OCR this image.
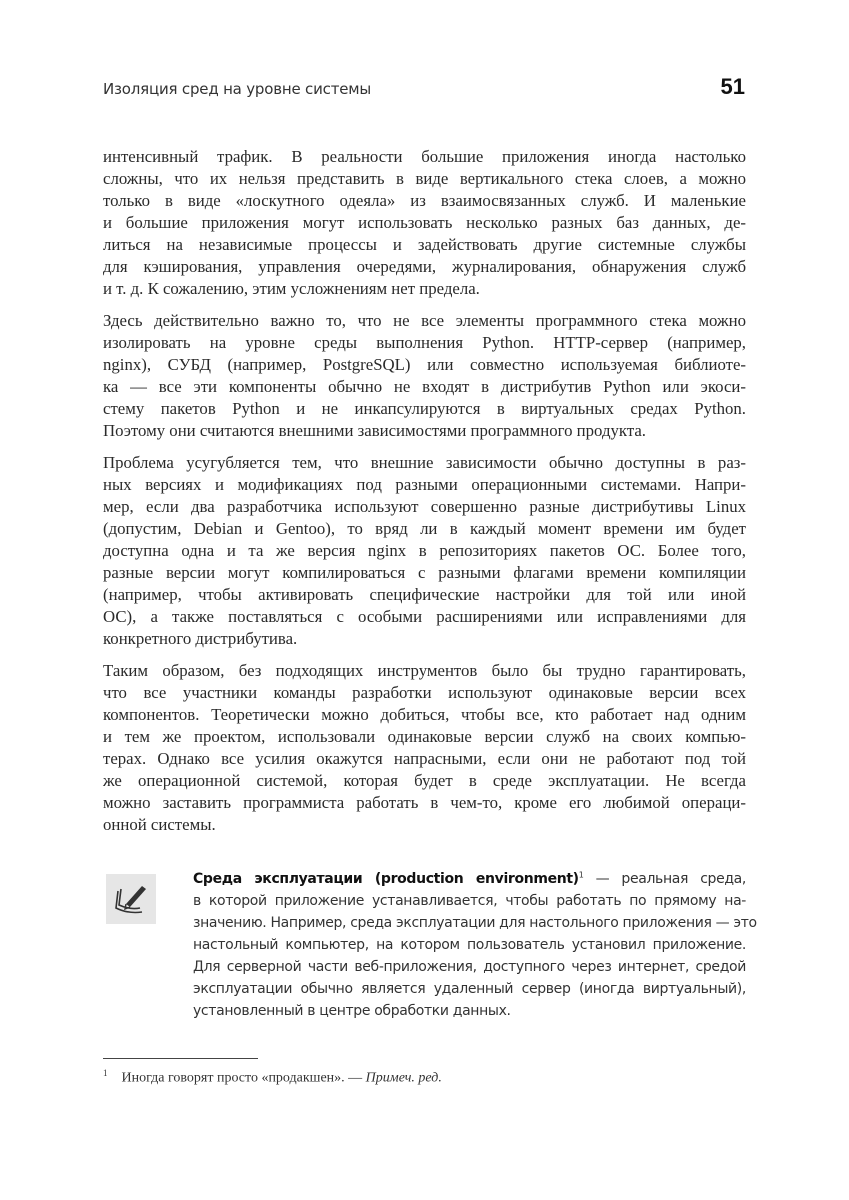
Изоляция сред на уровне системы	51
интенсивный трафик. В реальности большие приложения иногда настолько
сложны, что их нельзя представить в виде вертикального стека слоев, а можно
только в виде «лоскутного одеяла» из взаимосвязанных служб. И маленькие
и большие приложения могут использовать несколько разных баз данных, де-
литься на независимые процессы и задействовать другие системные службы
для кэширования, управления очередями, журналирования, обнаружения служб
и т. д. К сожалению, этим усложнениям нет предела.
Здесь действительно важно то, что не все элементы программного стека можно
изолировать на уровне среды выполнения Python. HTTP-сервер (например,
nginx), СУБД (например, PostgreSQL) или совместно используемая библиоте-
ка — все эти компоненты обычно не входят в дистрибутив Python или экоси-
стему пакетов Python и не инкапсулируются в виртуальных средах Python.
Поэтому они считаются внешними зависимостями программного продукта.
Проблема усугубляется тем, что внешние зависимости обычно доступны в раз-
ных версиях и модификациях под разными операционными системами. Напри-
мер, если два разработчика используют совершенно разные дистрибутивы Linux
(допустим, Debian и Gentoo), то вряд ли в каждый момент времени им будет
доступна одна и та же версия nginx в репозиториях пакетов ОС. Более того,
разные версии могут компилироваться с разными флагами времени компиляции
(например, чтобы активировать специфические настройки для той или иной
ОС), а также поставляться с особыми расширениями или исправлениями для
конкретного дистрибутива.
Таким образом, без подходящих инструментов было бы трудно гарантировать,
что все участники команды разработки используют одинаковые версии всех
компонентов. Теоретически можно добиться, чтобы все, кто работает над одним
и тем же проектом, использовали одинаковые версии служб на своих компью-
терах. Однако все усилия окажутся напрасными, если они не работают под той
же операционной системой, которая будет в среде эксплуатации. Не всегда
можно заставить программиста работать в чем-то, кроме его любимой операци-
онной системы.
Среда эксплуатации (production environment)$^1$ — реальная среда,
в которой приложение устанавливается, чтобы работать по прямому на-
значению. Например, среда эксплуатации для настольного приложения — это
настольный компьютер, на котором пользователь установил приложение.
Для серверной части веб-приложения, доступного через интернет, средой
эксплуатации обычно является удаленный сервер (иногда виртуальный),
установленный в центре обработки данных.
$^1$ Иногда говорят просто «продакшен». — Примеч. ред.
